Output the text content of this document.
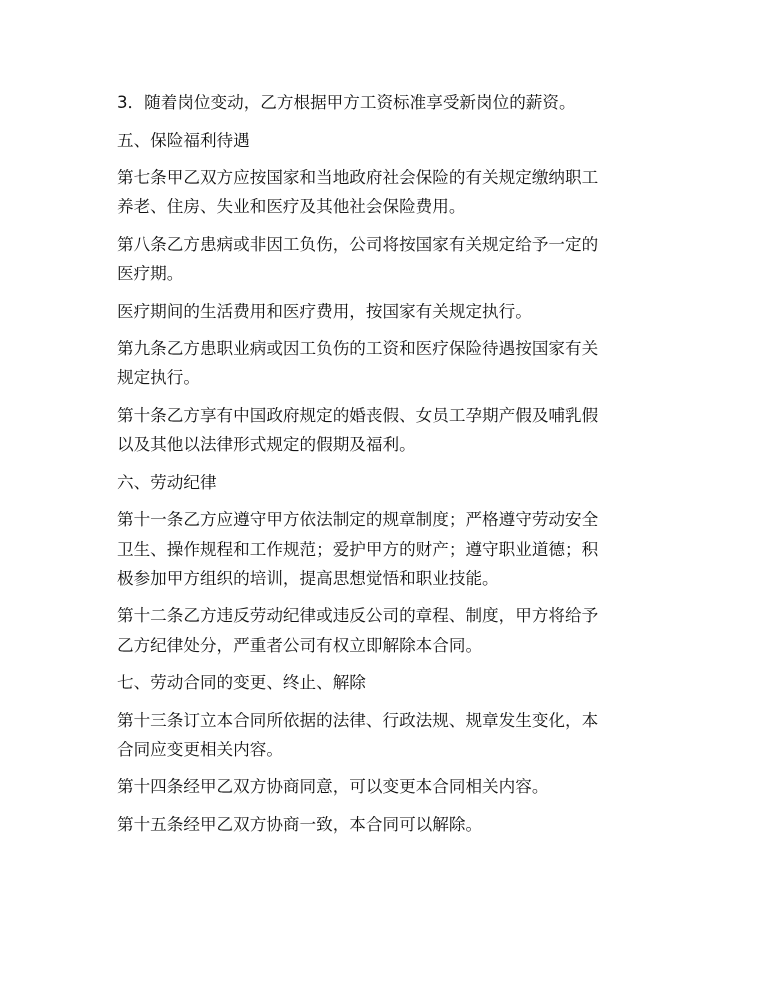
3．随着岗位变动，乙方根据甲方工资标准享受新岗位的薪资。
五、保险福利待遇
第七条甲乙双方应按国家和当地政府社会保险的有关规定缴纳职工
养老、住房、失业和医疗及其他社会保险费用。
第八条乙方患病或非因工负伤，公司将按国家有关规定给予一定的
医疗期。
医疗期间的生活费用和医疗费用，按国家有关规定执行。
第九条乙方患职业病或因工负伤的工资和医疗保险待遇按国家有关
规定执行。
第十条乙方享有中国政府规定的婚丧假、女员工孕期产假及哺乳假
以及其他以法律形式规定的假期及福利。
六、劳动纪律
第十一条乙方应遵守甲方依法制定的规章制度；严格遵守劳动安全
卫生、操作规程和工作规范；爱护甲方的财产；遵守职业道德；积
极参加甲方组织的培训，提高思想觉悟和职业技能。
第十二条乙方违反劳动纪律或违反公司的章程、制度，甲方将给予
乙方纪律处分，严重者公司有权立即解除本合同。
七、劳动合同的变更、终止、解除
第十三条订立本合同所依据的法律、行政法规、规章发生变化，本
合同应变更相关内容。
第十四条经甲乙双方协商同意，可以变更本合同相关内容。
第十五条经甲乙双方协商一致，本合同可以解除。
